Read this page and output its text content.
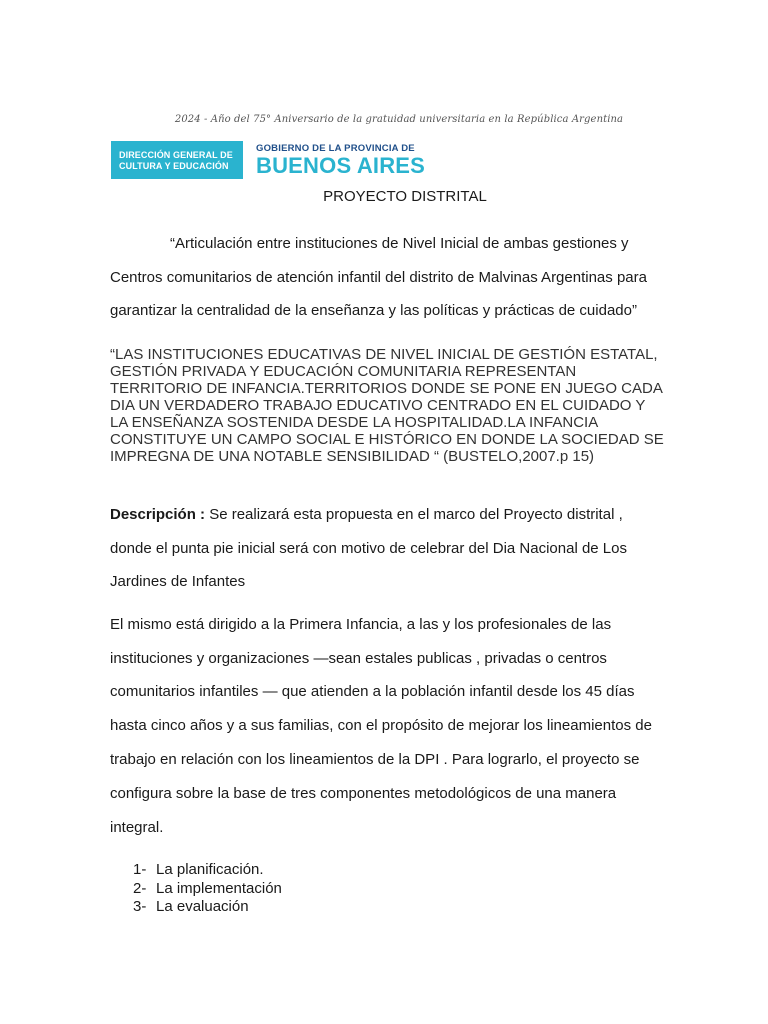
2024 - Año del 75° Aniversario de la gratuidad universitaria en la República Argentina
DIRECCIÓN GENERAL DE
CULTURA Y EDUCACIÓN
GOBIERNO DE LA PROVINCIA DE
BUENOS AIRES
PROYECTO DISTRITAL
“Articulación entre instituciones de Nivel Inicial de ambas gestiones y
Centros comunitarios de atención infantil del distrito de Malvinas Argentinas para
garantizar la centralidad de la enseñanza y las políticas y prácticas de cuidado”
“LAS INSTITUCIONES EDUCATIVAS DE NIVEL INICIAL DE GESTIÓN ESTATAL,
GESTIÓN PRIVADA Y EDUCACIÓN COMUNITARIA REPRESENTAN
TERRITORIO DE INFANCIA.TERRITORIOS DONDE SE PONE EN JUEGO CADA
DIA UN VERDADERO TRABAJO EDUCATIVO CENTRADO EN EL CUIDADO Y
LA ENSEÑANZA SOSTENIDA DESDE LA HOSPITALIDAD.LA INFANCIA
CONSTITUYE UN CAMPO SOCIAL E HISTÓRICO EN DONDE LA SOCIEDAD SE
IMPREGNA DE UNA NOTABLE SENSIBILIDAD “ (BUSTELO,2007.p 15)
Descripción : Se realizará esta propuesta en el marco del Proyecto distrital ,
donde el punta pie inicial será con motivo de celebrar del Dia Nacional de Los
Jardines de Infantes
El mismo está dirigido a la Primera Infancia, a las y los profesionales de las
instituciones y organizaciones —sean estales publicas , privadas o centros
comunitarios infantiles — que atienden a la población infantil desde los 45 días
hasta cinco años y a sus familias, con el propósito de mejorar los lineamientos de
trabajo en relación con los lineamientos de la DPI . Para lograrlo, el proyecto se
configura sobre la base de tres componentes metodológicos de una manera
integral.
1- La planificación.
2- La implementación
3- La evaluación
